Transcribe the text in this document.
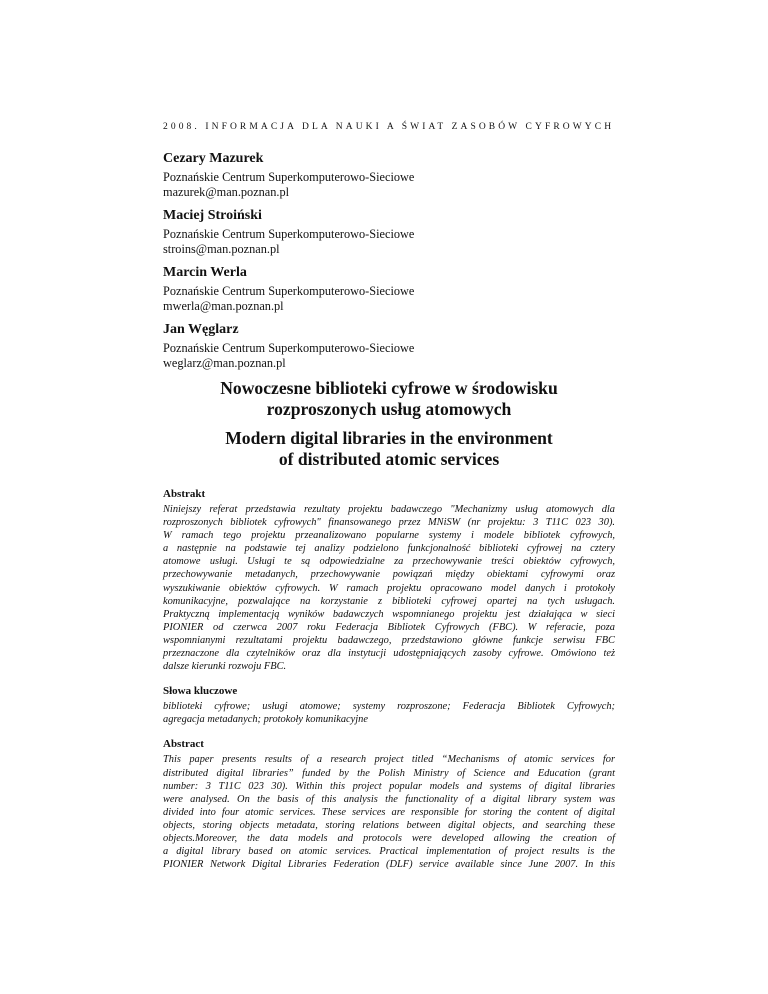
2008. INFORMACJA DLA NAUKI A ŚWIAT ZASOBÓW CYFROWYCH
Cezary Mazurek
Poznańskie Centrum Superkomputerowo-Sieciowe
mazurek@man.poznan.pl
Maciej Stroiński
Poznańskie Centrum Superkomputerowo-Sieciowe
stroins@man.poznan.pl
Marcin Werla
Poznańskie Centrum Superkomputerowo-Sieciowe
mwerla@man.poznan.pl
Jan Węglarz
Poznańskie Centrum Superkomputerowo-Sieciowe
weglarz@man.poznan.pl
Nowoczesne biblioteki cyfrowe w środowisku
rozproszonych usług atomowych
Modern digital libraries in the environment
of distributed atomic services
Abstrakt
Niniejszy referat przedstawia rezultaty projektu badawczego "Mechanizmy usług atomowych dla
rozproszonych bibliotek cyfrowych" finansowanego przez MNiSW (nr projektu: 3 T11C 023 30).
W ramach tego projektu przeanalizowano popularne systemy i modele bibliotek cyfrowych,
a następnie na podstawie tej analizy podzielono funkcjonalność biblioteki cyfrowej na cztery
atomowe usługi. Usługi te są odpowiedzialne za przechowywanie treści obiektów cyfrowych,
przechowywanie metadanych, przechowywanie powiązań między obiektami cyfrowymi oraz
wyszukiwanie obiektów cyfrowych. W ramach projektu opracowano model danych i protokoły
komunikacyjne, pozwalające na korzystanie z biblioteki cyfrowej opartej na tych usługach.
Praktyczną implementacją wyników badawczych wspomnianego projektu jest działająca w sieci
PIONIER od czerwca 2007 roku Federacja Bibliotek Cyfrowych (FBC). W referacie, poza
wspomnianymi rezultatami projektu badawczego, przedstawiono główne funkcje serwisu FBC
przeznaczone dla czytelników oraz dla instytucji udostępniających zasoby cyfrowe. Omówiono też
dalsze kierunki rozwoju FBC.
Słowa kluczowe
biblioteki cyfrowe; usługi atomowe; systemy rozproszone; Federacja Bibliotek Cyfrowych;
agregacja metadanych; protokoły komunikacyjne
Abstract
This paper presents results of a research project titled “Mechanisms of atomic services for
distributed digital libraries” funded by the Polish Ministry of Science and Education (grant
number: 3 T11C 023 30). Within this project popular models and systems of digital libraries
were analysed. On the basis of this analysis the functionality of a digital library system was
divided into four atomic services. These services are responsible for storing the content of digital
objects, storing objects metadata, storing relations between digital objects, and searching these
objects.Moreover, the data models and protocols were developed allowing the creation of
a digital library based on atomic services. Practical implementation of project results is the
PIONIER Network Digital Libraries Federation (DLF) service available since June 2007. In this
